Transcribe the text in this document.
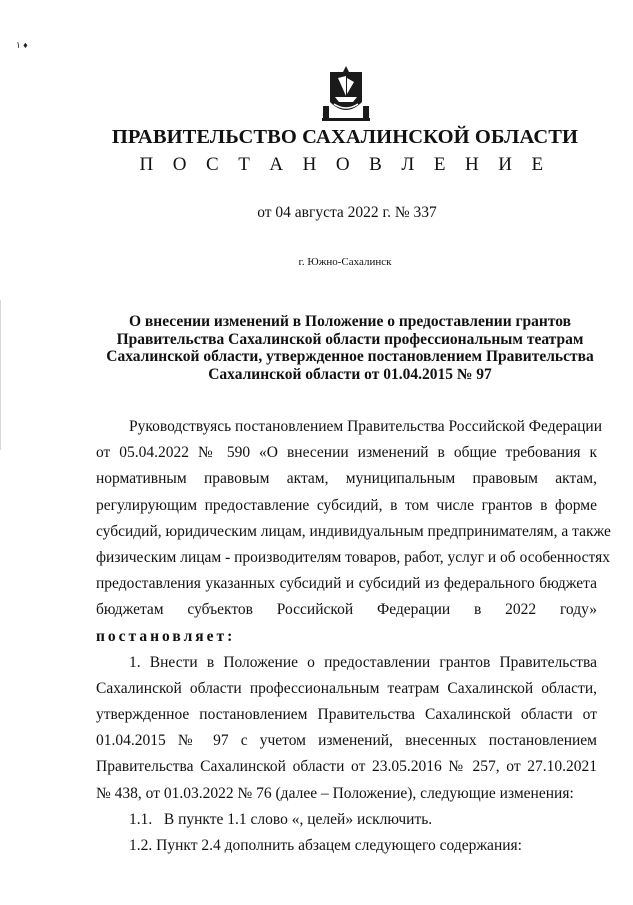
١ ♦
ПРАВИТЕЛЬСТВО САХАЛИНСКОЙ ОБЛАСТИ
П О С Т А Н О В Л Е Н И Е
от 04 августа 2022 г. № 337
г. Южно-Сахалинск
О внесении изменений в Положение о предоставлении грантов
Правительства Сахалинской области профессиональным театрам
Сахалинской области, утвержденное постановлением Правительства
Сахалинской области от 01.04.2015 № 97
Руководствуясь постановлением Правительства Российской Федерации
от 05.04.2022 № 590 «О внесении изменений в общие требования к
нормативным правовым актам, муниципальным правовым актам,
регулирующим предоставление субсидий, в том числе грантов в форме
субсидий, юридическим лицам, индивидуальным предпринимателям, а также
физическим лицам - производителям товаров, работ, услуг и об особенностях
предоставления указанных субсидий и субсидий из федерального бюджета
бюджетам субъектов Российской Федерации в 2022 году»
постановляет:
1. Внести в Положение о предоставлении грантов Правительства
Сахалинской области профессиональным театрам Сахалинской области,
утвержденное постановлением Правительства Сахалинской области от
01.04.2015 № 97 с учетом изменений, внесенных постановлением
Правительства Сахалинской области от 23.05.2016 № 257, от 27.10.2021
№ 438, от 01.03.2022 № 76 (далее – Положение), следующие изменения:
1.1.   В пункте 1.1 слово «, целей» исключить.
1.2. Пункт 2.4 дополнить абзацем следующего содержания:
